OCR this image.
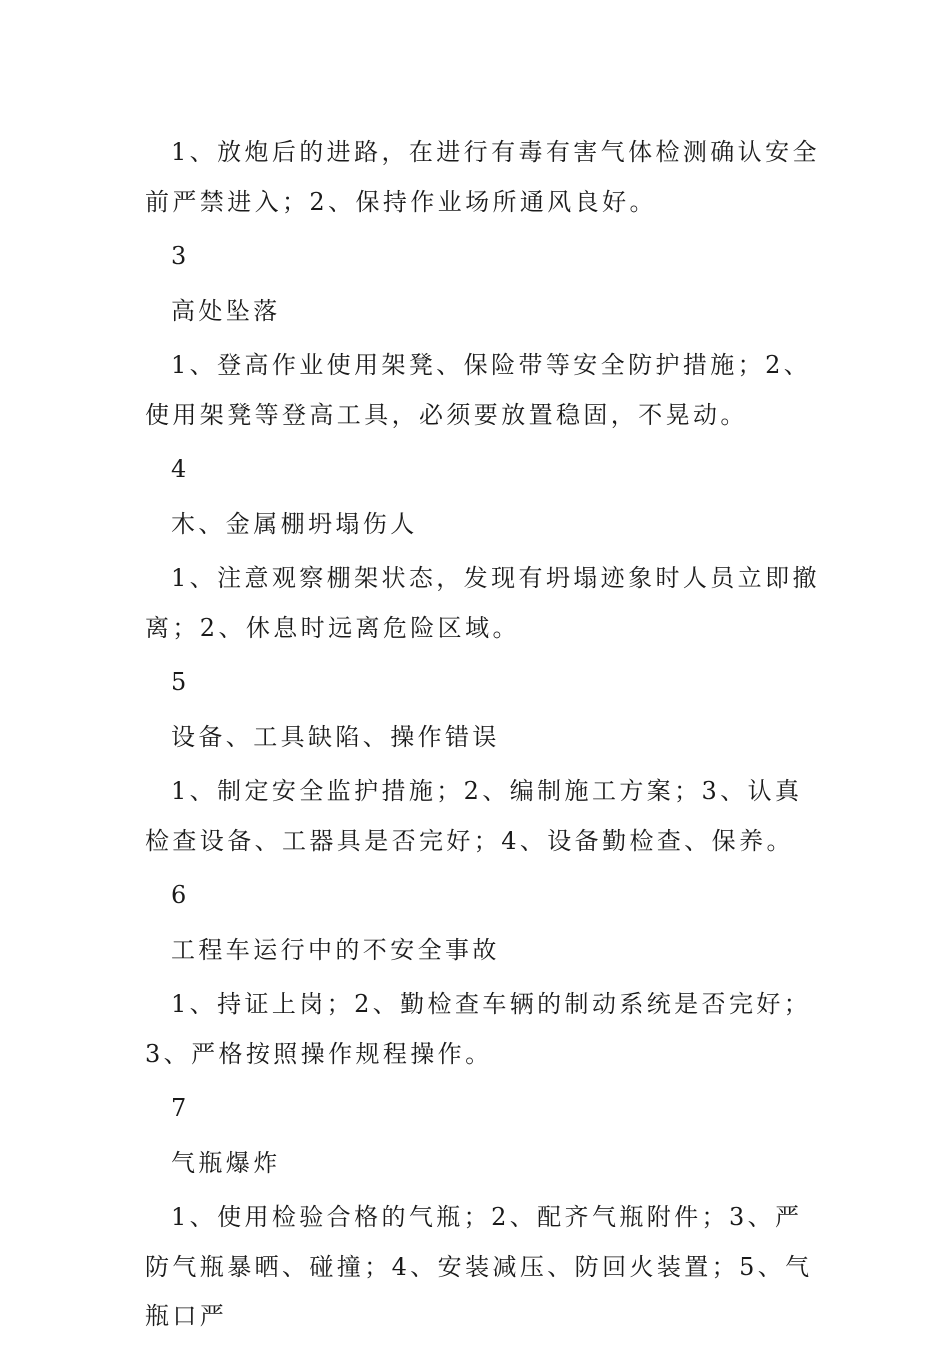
1、放炮后的进路，在进行有毒有害气体检测确认安全前严禁进入；2、保持作业场所通风良好。

3

高处坠落

1、登高作业使用架凳、保险带等安全防护措施；2、使用架凳等登高工具，必须要放置稳固，不晃动。

4

木、金属棚坍塌伤人

1、注意观察棚架状态，发现有坍塌迹象时人员立即撤离；2、休息时远离危险区域。

5

设备、工具缺陷、操作错误

1、制定安全监护措施；2、编制施工方案；3、认真检查设备、工器具是否完好；4、设备勤检查、保养。

6

工程车运行中的不安全事故

1、持证上岗；2、勤检查车辆的制动系统是否完好；3、严格按照操作规程操作。

7

气瓶爆炸

1、使用检验合格的气瓶；2、配齐气瓶附件；3、严防气瓶暴晒、碰撞；4、安装减压、防回火装置；5、气瓶口严
